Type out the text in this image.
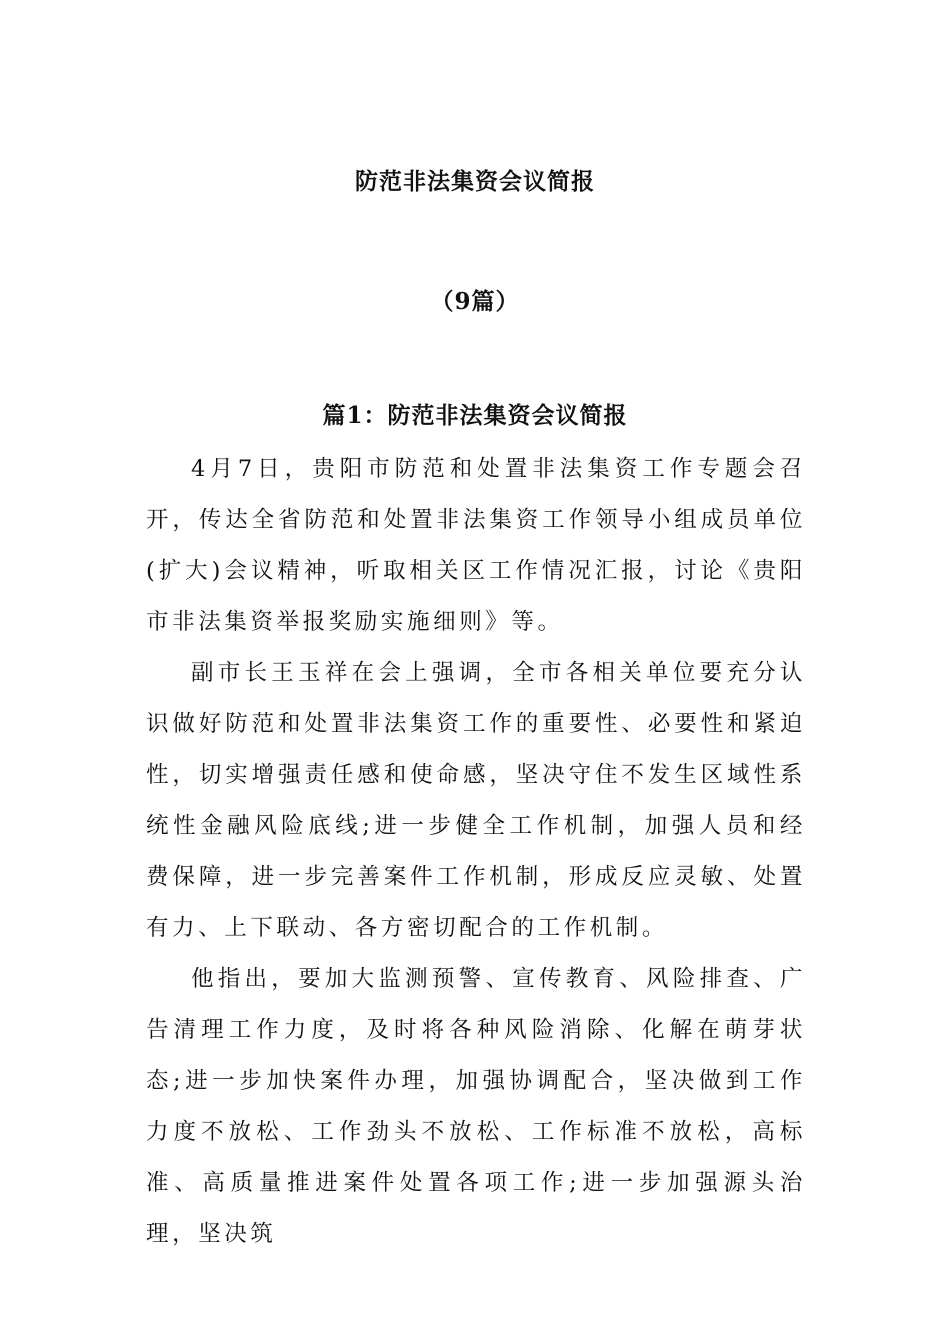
防范非法集资会议简报
（9篇）
篇1：防范非法集资会议简报

4月7日，贵阳市防范和处置非法集资工作专题会召开，传达全省防范和处置非法集资工作领导小组成员单位(扩大)会议精神，听取相关区工作情况汇报，讨论《贵阳市非法集资举报奖励实施细则》等。

副市长王玉祥在会上强调，全市各相关单位要充分认识做好防范和处置非法集资工作的重要性、必要性和紧迫性，切实增强责任感和使命感，坚决守住不发生区域性系统性金融风险底线;进一步健全工作机制，加强人员和经费保障，进一步完善案件工作机制，形成反应灵敏、处置有力、上下联动、各方密切配合的工作机制。

他指出，要加大监测预警、宣传教育、风险排查、广告清理工作力度，及时将各种风险消除、化解在萌芽状态;进一步加快案件办理，加强协调配合，坚决做到工作力度不放松、工作劲头不放松、工作标准不放松，高标准、高质量推进案件处置各项工作;进一步加强源头治理，坚决筑
